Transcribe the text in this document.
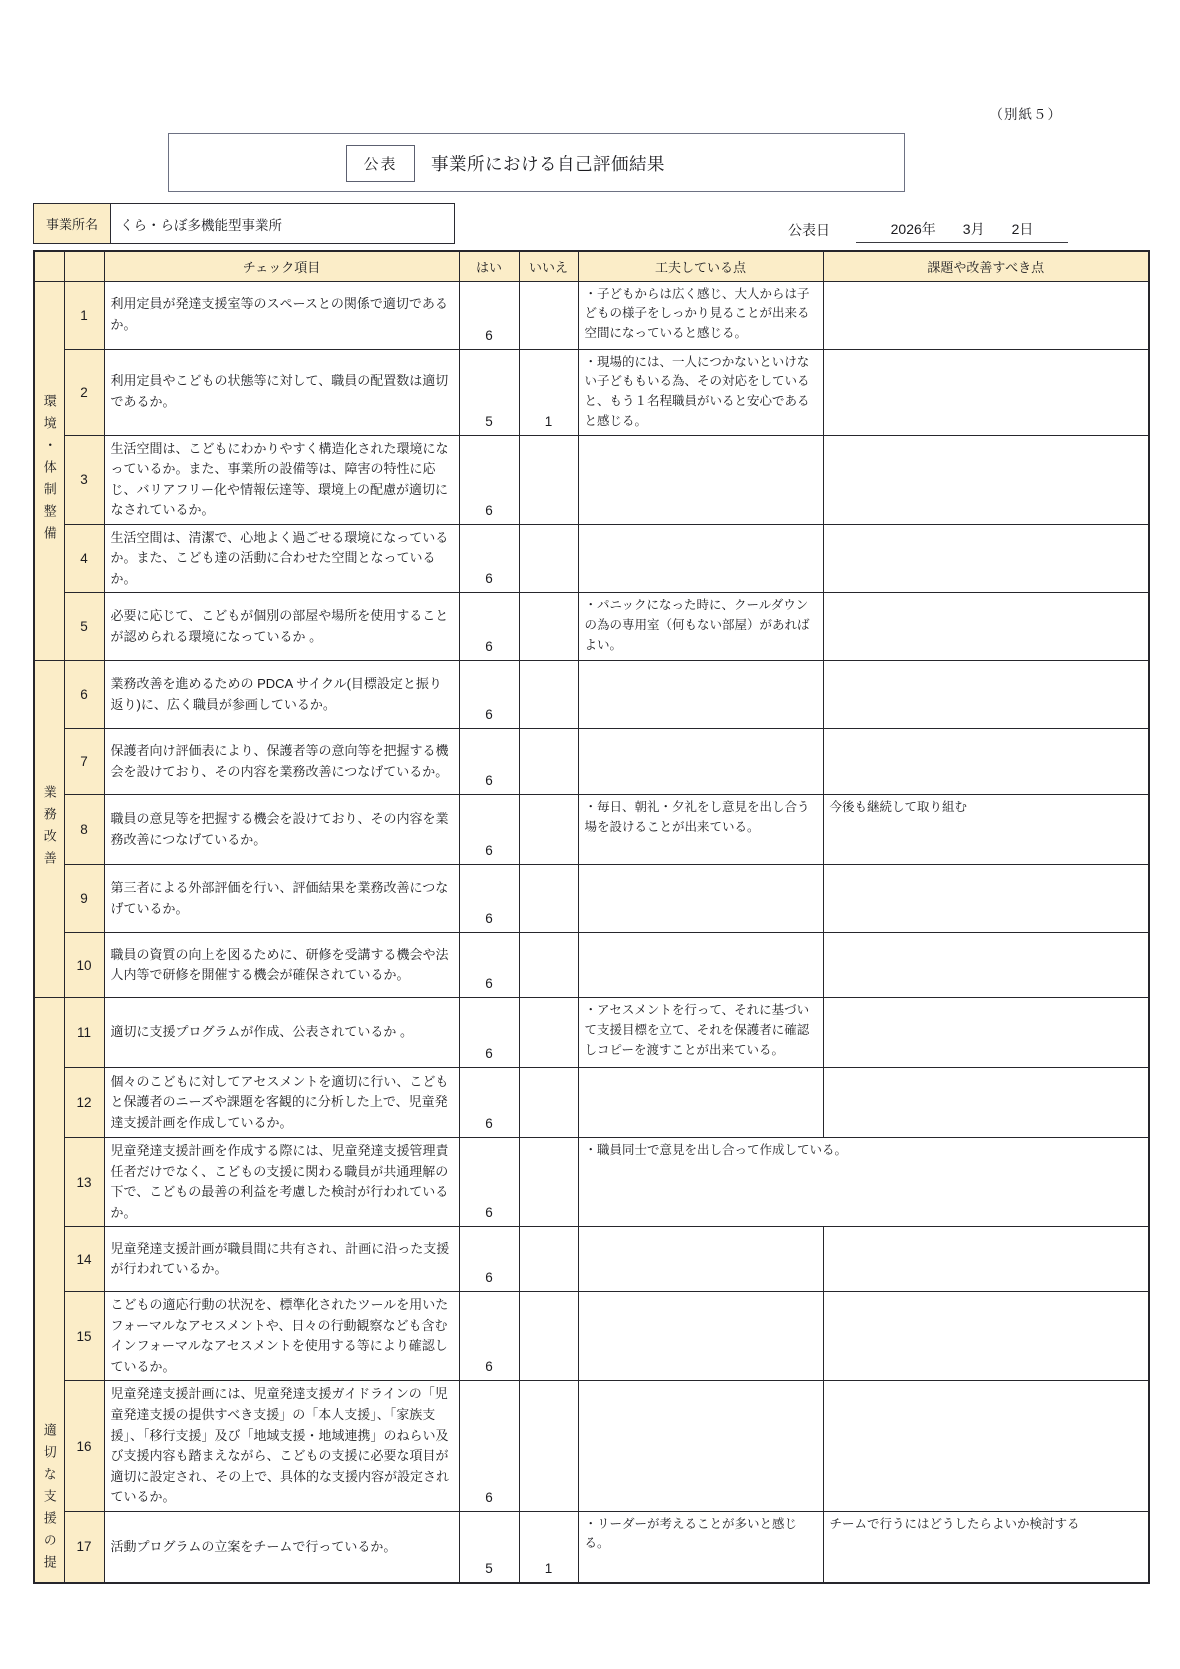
（別紙５）
公表	事業所における自己評価結果
事業所名	くら・らぼ多機能型事業所	公表日	2026年 3月 2日
		チェック項目	はい	いいえ	工夫している点	課題や改善すべき点

環境・体制整備	1	利用定員が発達支援室等のスペースとの関係で適切であるか。	6		・子どもからは広く感じ、大人からは子どもの様子をしっかり見ることが出来る空間になっていると感じる。	
	2	利用定員やこどもの状態等に対して、職員の配置数は適切であるか。	5	1	・現場的には、一人につかないといけない子どももいる為、その対応をしていると、もう１名程職員がいると安心であると感じる。	
	3	生活空間は、こどもにわかりやすく構造化された環境になっているか。また、事業所の設備等は、障害の特性に応じ、バリアフリー化や情報伝達等、環境上の配慮が適切になされているか。	6			
	4	生活空間は、清潔で、心地よく過ごせる環境になっているか。また、こども達の活動に合わせた空間となっているか。	6			
	5	必要に応じて、こどもが個別の部屋や場所を使用することが認められる環境になっているか 。	6		・パニックになった時に、クールダウンの為の専用室（何もない部屋）があればよい。	

業務改善	6	業務改善を進めるための PDCA サイクル(目標設定と振り返り)に、広く職員が参画しているか。	6			
	7	保護者向け評価表により、保護者等の意向等を把握する機会を設けており、その内容を業務改善につなげているか。	6			
	8	職員の意見等を把握する機会を設けており、その内容を業務改善につなげているか。	6		・毎日、朝礼・夕礼をし意見を出し合う場を設けることが出来ている。	今後も継続して取り組む
	9	第三者による外部評価を行い、評価結果を業務改善につなげているか。	6			
	10	職員の資質の向上を図るために、研修を受講する機会や法人内等で研修を開催する機会が確保されているか。	6			

適切な支援の提	11	適切に支援プログラムが作成、公表されているか 。	6		・アセスメントを行って、それに基づいて支援目標を立て、それを保護者に確認しコピーを渡すことが出来ている。	
	12	個々のこどもに対してアセスメントを適切に行い、こどもと保護者のニーズや課題を客観的に分析した上で、児童発達支援計画を作成しているか。	6			
	13	児童発達支援計画を作成する際には、児童発達支援管理責任者だけでなく、こどもの支援に関わる職員が共通理解の下で、こどもの最善の利益を考慮した検討が行われているか。	6		・職員同士で意見を出し合って作成している。	
	14	児童発達支援計画が職員間に共有され、計画に沿った支援が行われているか。	6			
	15	こどもの適応行動の状況を、標準化されたツールを用いたフォーマルなアセスメントや、日々の行動観察なども含むインフォーマルなアセスメントを使用する等により確認しているか。	6			
	16	児童発達支援計画には、児童発達支援ガイドラインの「児童発達支援の提供すべき支援」の「本人支援」、「家族支援」、「移行支援」及び「地域支援・地域連携」のねらい及び支援内容も踏まえながら、こどもの支援に必要な項目が適切に設定され、その上で、具体的な支援内容が設定されているか。	6			
	17	活動プログラムの立案をチームで行っているか。	5	1	・リーダーが考えることが多いと感じる。	チームで行うにはどうしたらよいか検討する
